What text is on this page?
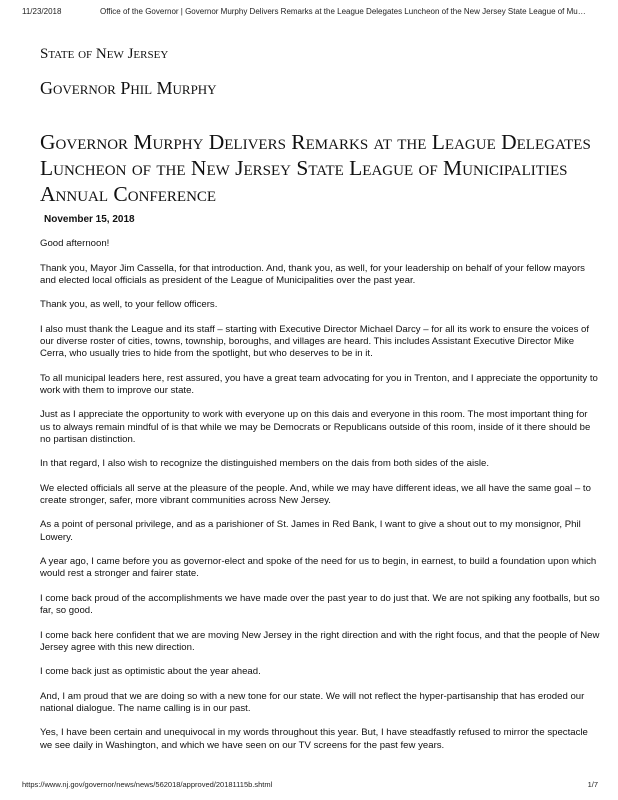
11/23/2018	Office of the Governor | Governor Murphy Delivers Remarks at the League Delegates Luncheon of the New Jersey State League of Mu…
State of New Jersey
Governor Phil Murphy
Governor Murphy Delivers Remarks at the League Delegates Luncheon of the New Jersey State League of Municipalities Annual Conference
November 15, 2018

Good afternoon!

Thank you, Mayor Jim Cassella, for that introduction. And, thank you, as well, for your leadership on behalf of your fellow mayors and elected local officials as president of the League of Municipalities over the past year.

Thank you, as well, to your fellow officers.

I also must thank the League and its staff – starting with Executive Director Michael Darcy – for all its work to ensure the voices of our diverse roster of cities, towns, township, boroughs, and villages are heard. This includes Assistant Executive Director Mike Cerra, who usually tries to hide from the spotlight, but who deserves to be in it.

To all municipal leaders here, rest assured, you have a great team advocating for you in Trenton, and I appreciate the opportunity to work with them to improve our state.

Just as I appreciate the opportunity to work with everyone up on this dais and everyone in this room. The most important thing for us to always remain mindful of is that while we may be Democrats or Republicans outside of this room, inside of it there should be no partisan distinction.

In that regard, I also wish to recognize the distinguished members on the dais from both sides of the aisle.

We elected officials all serve at the pleasure of the people. And, while we may have different ideas, we all have the same goal – to create stronger, safer, more vibrant communities across New Jersey.

As a point of personal privilege, and as a parishioner of St. James in Red Bank, I want to give a shout out to my monsignor, Phil Lowery.

A year ago, I came before you as governor-elect and spoke of the need for us to begin, in earnest, to build a foundation upon which would rest a stronger and fairer state.

I come back proud of the accomplishments we have made over the past year to do just that. We are not spiking any footballs, but so far, so good.

I come back here confident that we are moving New Jersey in the right direction and with the right focus, and that the people of New Jersey agree with this new direction.

I come back just as optimistic about the year ahead.

And, I am proud that we are doing so with a new tone for our state. We will not reflect the hyper-partisanship that has eroded our national dialogue. The name calling is in our past.

Yes, I have been certain and unequivocal in my words throughout this year. But, I have steadfastly refused to mirror the spectacle we see daily in Washington, and which we have seen on our TV screens for the past few years.

https://www.nj.gov/governor/news/news/562018/approved/20181115b.shtml	1/7
